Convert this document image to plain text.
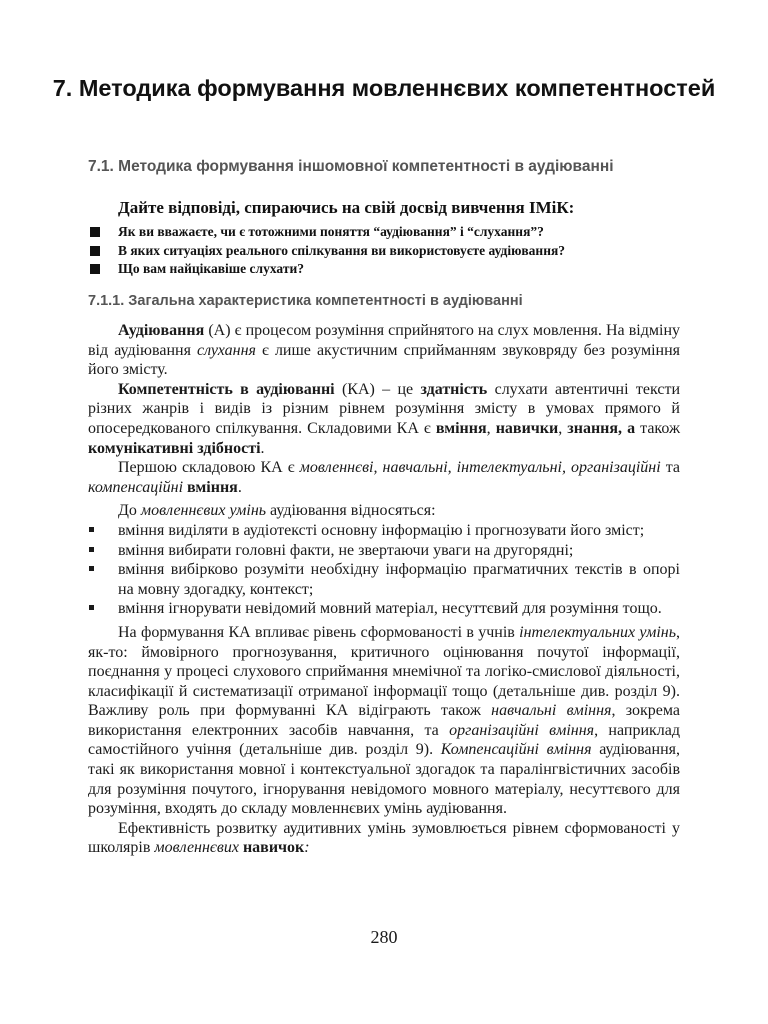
7. Методика формування мовленнєвих компетентностей
7.1. Методика формування іншомовної компетентності в аудіюванні
Дайте відповіді, спираючись на свій досвід вивчення ІМіК:
Як ви вважаєте, чи є тотожними поняття “аудіювання” і “слухання”?
В яких ситуаціях реального спілкування ви використовуєте аудіювання?
Що вам найцікавіше слухати?
7.1.1. Загальна характеристика компетентності в аудіюванні

Аудіювання (А) є процесом розуміння сприйнятого на слух мовлення. На відміну від аудіювання слухання є лише акустичним сприйманням звуковряду без розуміння його змісту.

Компетентність в аудіюванні (КА) – це здатність слухати автентичні тексти різних жанрів і видів із різним рівнем розуміння змісту в умовах прямого й опосередкованого спілкування. Складовими КА є вміння, навички, знання, а також комунікативні здібності.

Першою складовою КА є мовленнєві, навчальні, інтелектуальні, організаційні та компенсаційні вміння.

До мовленнєвих умінь аудіювання відносяться:

вміння виділяти в аудіотексті основну інформацію і прогнозувати його зміст;
вміння вибирати головні факти, не звертаючи уваги на другорядні;
вміння вибірково розуміти необхідну інформацію прагматичних текстів в опорі на мовну здогадку, контекст;
вміння ігнорувати невідомий мовний матеріал, несуттєвий для розуміння тощо.

На формування КА впливає рівень сформованості в учнів інтелектуальних умінь, як-то: ймовірного прогнозування, критичного оцінювання почутої інформації, поєднання у процесі слухового сприймання мнемічної та логіко-смислової діяльності, класифікації й систематизації отриманої інформації тощо (детальніше див. розділ 9). Важливу роль при формуванні КА відіграють також навчальні вміння, зокрема використання електронних засобів навчання, та організаційні вміння, наприклад самостійного учіння (детальніше див. розділ 9). Компенсаційні вміння аудіювання, такі як використання мовної і контекстуальної здогадок та паралінгвістичних засобів для розуміння почутого, ігнорування невідомого мовного матеріалу, несуттєвого для розуміння, входять до складу мовленнєвих умінь аудіювання.

Ефективність розвитку аудитивних умінь зумовлюється рівнем сформованості у школярів мовленнєвих навичок:

280
